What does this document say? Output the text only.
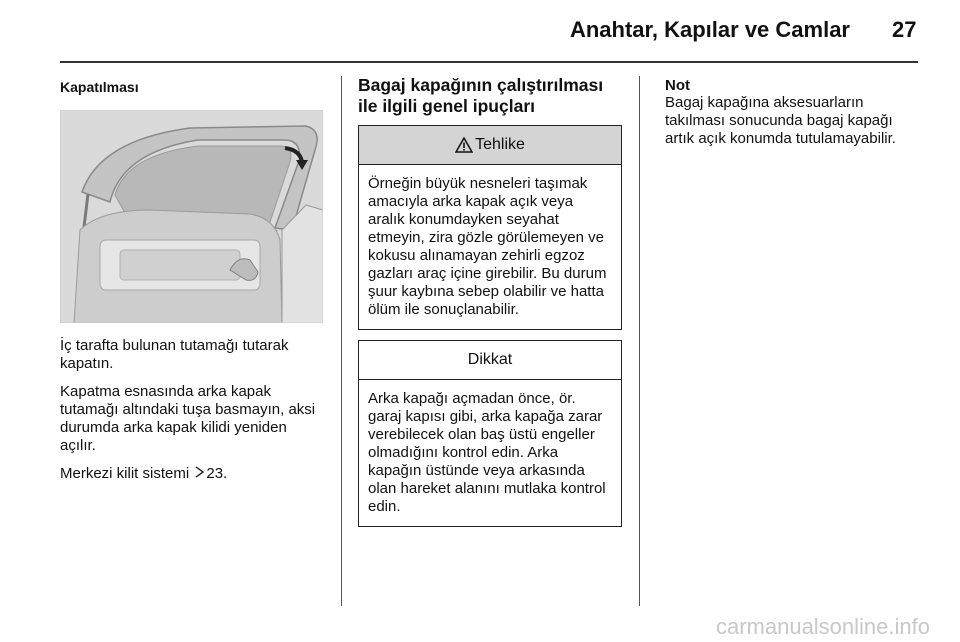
Anahtar, Kapılar ve Camlar 27
Kapatılması

İç tarafta bulunan tutamağı tutarak kapatın.

Kapatma esnasında arka kapak tutamağı altındaki tuşa basmayın, aksi durumda arka kapak kilidi yeniden açılır.

Merkezi kilit sistemi 23.

Bagaj kapağının çalıştırılması ile ilgili genel ipuçları
Tehlike
Örneğin büyük nesneleri taşımak amacıyla arka kapak açık veya aralık konumdayken seyahat etmeyin, zira gözle görülemeyen ve kokusu alınamayan zehirli egzoz gazları araç içine girebilir. Bu durum şuur kaybına sebep olabilir ve hatta ölüm ile sonuçlanabilir.
Dikkat
Arka kapağı açmadan önce, ör. garaj kapısı gibi, arka kapağa zarar verebilecek olan baş üstü engeller olmadığını kontrol edin. Arka kapağın üstünde veya arkasında olan hareket alanını mutlaka kontrol edin.
Not

Bagaj kapağına aksesuarların takılması sonucunda bagaj kapağı artık açık konumda tutulamayabilir.

carmanualsonline.info
